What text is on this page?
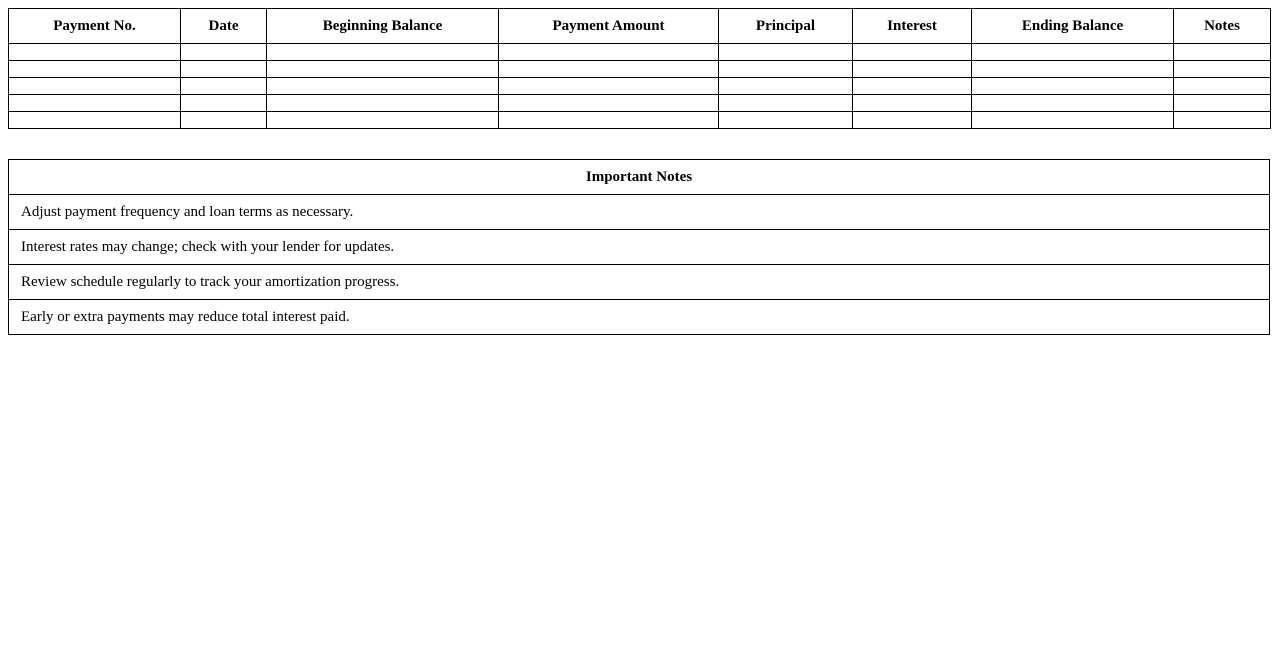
Payment No.	Date	Beginning Balance	Payment Amount	Principal	Interest	Ending Balance	Notes

Important Notes
Adjust payment frequency and loan terms as necessary.
Interest rates may change; check with your lender for updates.
Review schedule regularly to track your amortization progress.
Early or extra payments may reduce total interest paid.
